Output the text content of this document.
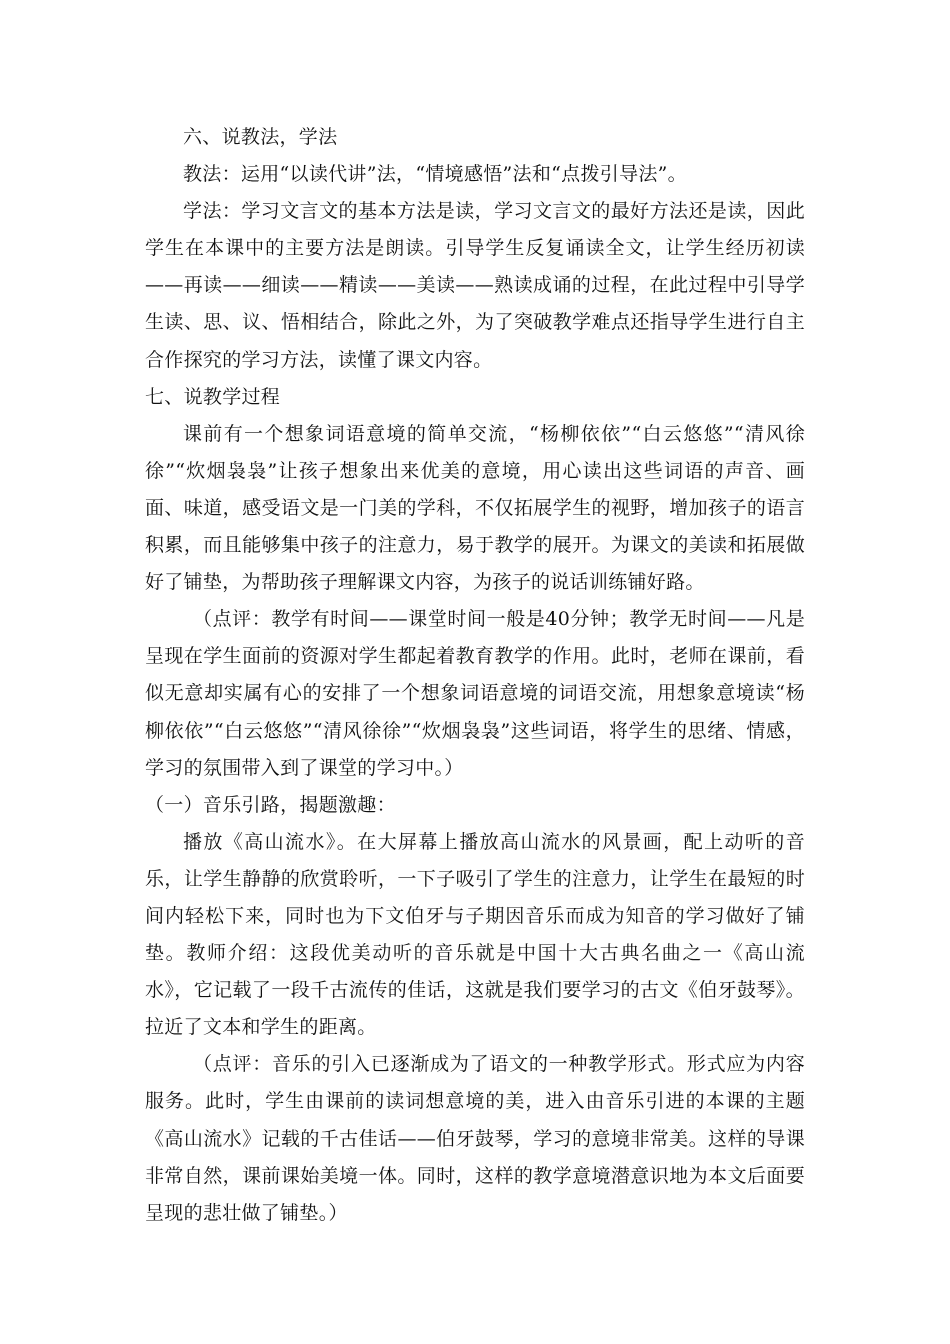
六、说教法，学法

教法：运用“以读代讲”法，“情境感悟”法和“点拨引导法”。

学法：学习文言文的基本方法是读，学习文言文的最好方法还是读，因此学生在本课中的主要方法是朗读。引导学生反复诵读全文，让学生经历初读——再读——细读——精读——美读——熟读成诵的过程，在此过程中引导学生读、思、议、悟相结合，除此之外，为了突破教学难点还指导学生进行自主合作探究的学习方法，读懂了课文内容。

七、说教学过程

课前有一个想象词语意境的简单交流，“杨柳依依”“白云悠悠”“清风徐徐”“炊烟袅袅”让孩子想象出来优美的意境，用心读出这些词语的声音、画面、味道，感受语文是一门美的学科，不仅拓展学生的视野，增加孩子的语言积累，而且能够集中孩子的注意力，易于教学的展开。为课文的美读和拓展做好了铺垫，为帮助孩子理解课文内容，为孩子的说话训练铺好路。

（点评：教学有时间——课堂时间一般是40分钟；教学无时间——凡是呈现在学生面前的资源对学生都起着教育教学的作用。此时，老师在课前，看似无意却实属有心的安排了一个想象词语意境的词语交流，用想象意境读“杨柳依依”“白云悠悠”“清风徐徐”“炊烟袅袅”这些词语，将学生的思绪、情感，学习的氛围带入到了课堂的学习中。）

（一）音乐引路，揭题激趣：

播放《高山流水》。在大屏幕上播放高山流水的风景画，配上动听的音乐，让学生静静的欣赏聆听，一下子吸引了学生的注意力，让学生在最短的时间内轻松下来，同时也为下文伯牙与子期因音乐而成为知音的学习做好了铺垫。教师介绍：这段优美动听的音乐就是中国十大古典名曲之一《高山流水》，它记载了一段千古流传的佳话，这就是我们要学习的古文《伯牙鼓琴》。拉近了文本和学生的距离。

（点评：音乐的引入已逐渐成为了语文的一种教学形式。形式应为内容服务。此时，学生由课前的读词想意境的美，进入由音乐引进的本课的主题《高山流水》记载的千古佳话——伯牙鼓琴，学习的意境非常美。这样的导课非常自然，课前课始美境一体。同时，这样的教学意境潜意识地为本文后面要呈现的悲壮做了铺垫。）
